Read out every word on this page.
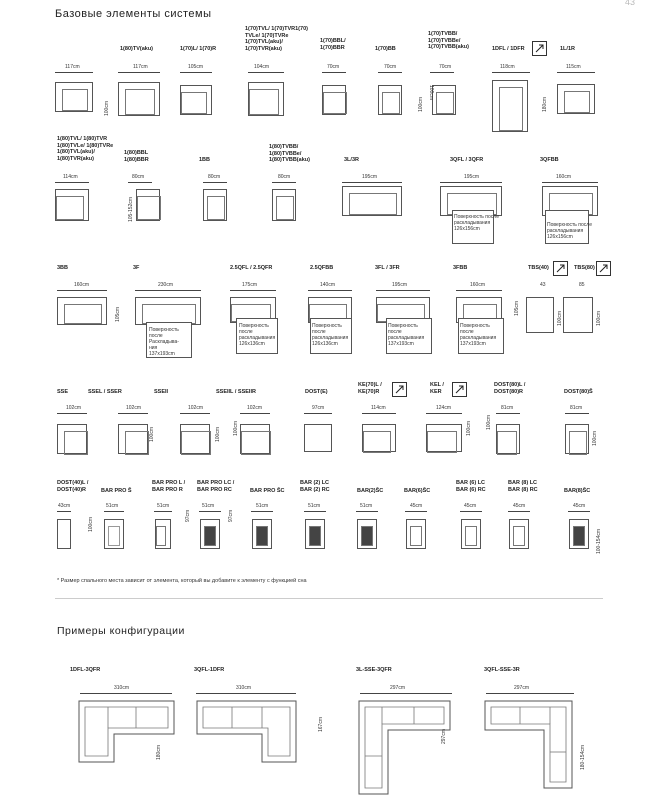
43
Базовые элементы системы
1(80)TV(aku)	1(70)L/ 1(70)R
1(70)TVL/ 1(70)TVR1(70)
TVLe/ 1(70)TVRe
1(70)TVL(aku)/
1(70)TVR(aku)
1(70)BBL/
1(70)BBR	1(70)BB
1(70)TVBB/
1(70)TVBBe/
1(70)TVBB(aku)	1DFL / 1DFR	1L/1R
117cm	117cm	105cm	104cm	70cm	70cm	70cm	118cm	115cm
100cm	100cm
100cm
180cm
1(80)TVL/ 1(80)TVR
1(80)TVLe/ 1(80)TVRe
1(80)TVL(aku)/
1(80)TVR(aku)
1(80)BBL
1(80)BBR	1BB
1(80)TVBB/
1(80)TVBBe/
1(80)TVBB(aku)	3L/3R	3QFL / 3QFR	3QFBB
114cm	80cm	80cm	80cm	195cm	195cm	160cm
105-152cm	Поверхность после
раскладывания
126x156cm
Поверхность после
раскладывания
126x156cm
3BB	3F	2.5QFL / 2.5QFR	2.5QFBB	3FL / 3FR	3FBB	TBS(40)	TBS(80)
160cm	230cm	175cm	140cm	195cm	160cm	43	85
105cm
Поверхность
после
Раскладыва-
ния
137x193cm
Поверхность
после
раскладывания
126x136cm
Поверхность
после
раскладывания
126x136cm
Поверхность
после
раскладывания
137x193cm
Поверхность
после
раскладывания
137x193cm
105cm
100cm	100cm
SSE	SSEL / SSER	SSEII	SSEIIL / SSEIIR	DOST(E)
KE(70)L /
KE(70)R
KEL /
KER
DOST(80)L /
DOST(80)R	DOST(80)Š
102cm	102cm	102cm	102cm	97cm	114cm	124cm	81cm	81cm
100cm	100cm 100cm	100cm	100cm
100cm
DOST(40)L /
DOST(40)R	BAR PRO Š
BAR PRO L /
BAR PRO R
BAR PRO LC /
BAR PRO RC	BAR PRO ŠC
BAR (2) LC
BAR (2) RC	BAR(2)ŠC	BAR(6)ŠC
BAR (6) LC
BAR (6) RC
BAR (8) LC
BAR (8) RC	BAR(8)ŠC
43cm	51cm	51cm	51cm	51cm	51cm	51cm	45cm	45cm	45cm	45cm
100cm
97cm	97cm
100-154cm
* Размер спального места зависит от элемента, который вы добавите к элементу с функцией сна
Примеры конфигурации
1DFL-3QFR	3QFL-1DFR	3L-SSE-3QFR	3QFL-SSE-3R
310cm	310cm	297cm	297cm
180cm
167cm
297cm
180-154cm
